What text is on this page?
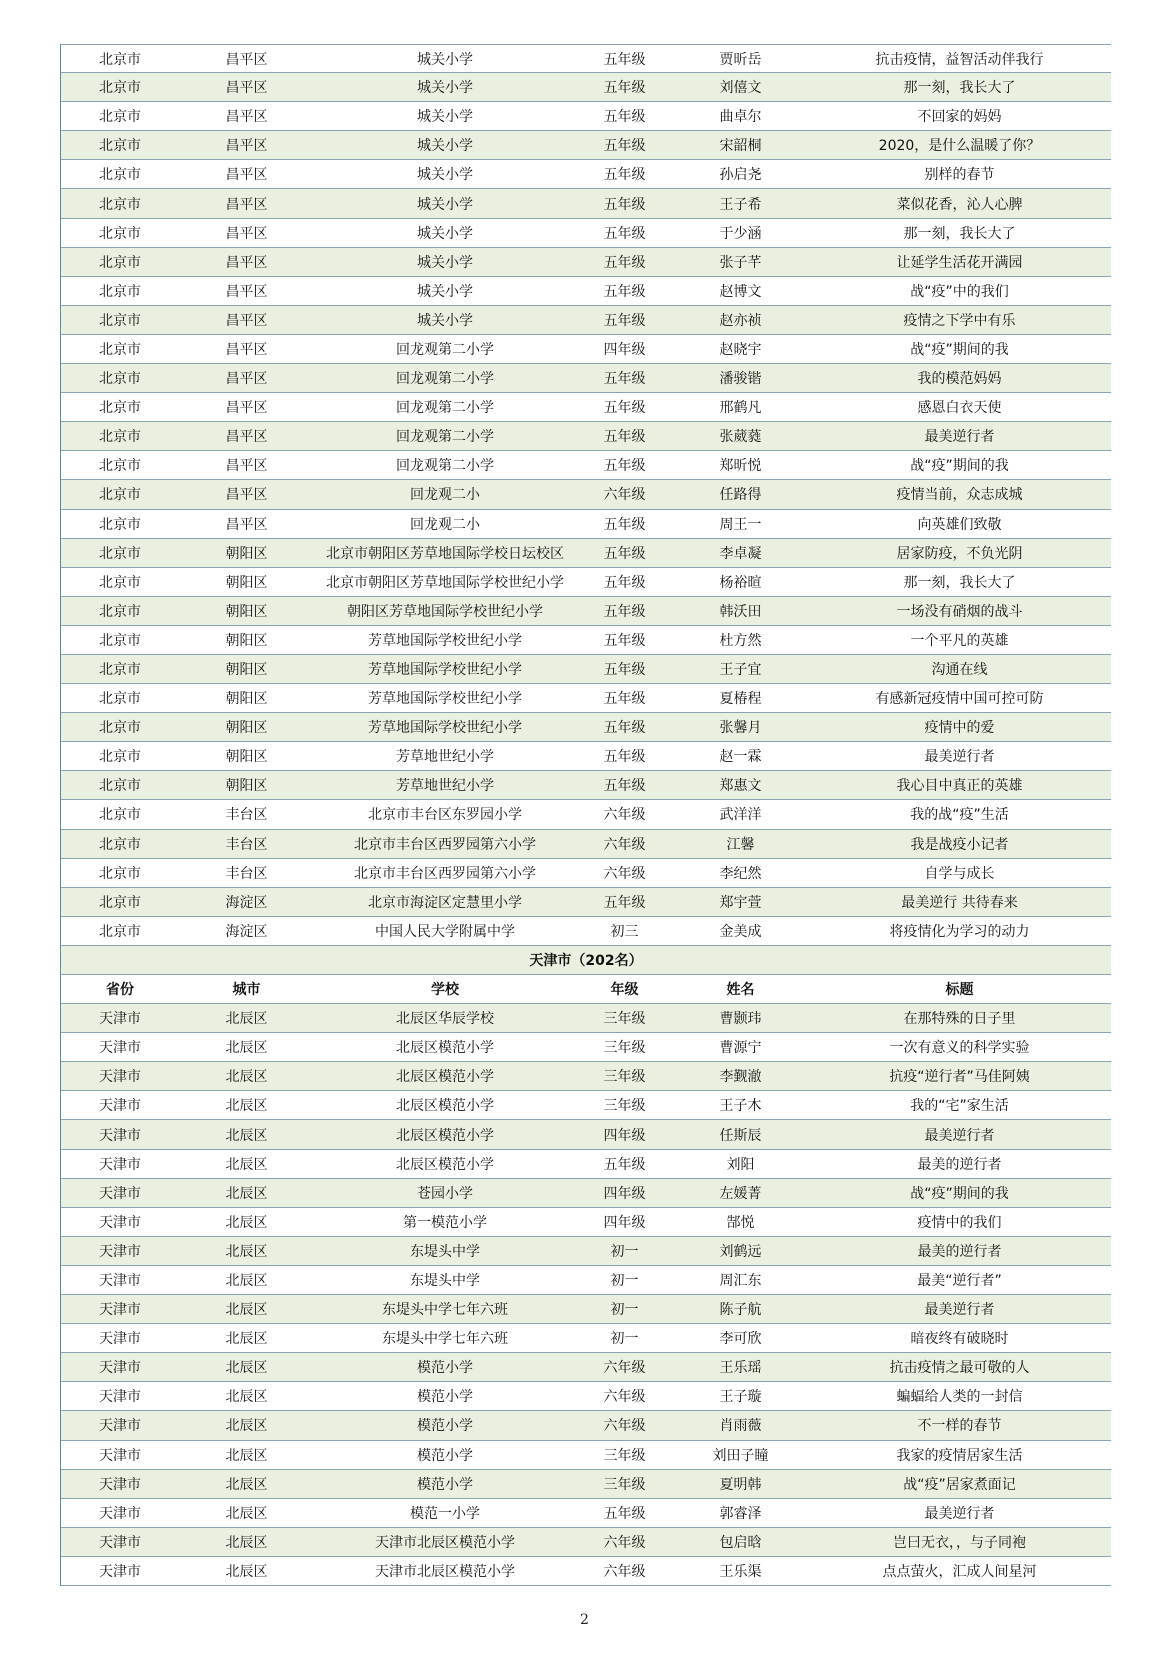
北京市	昌平区	城关小学	五年级	贾昕岳	抗击疫情，益智活动伴我行
北京市	昌平区	城关小学	五年级	刘僖文	那一刻，我长大了
北京市	昌平区	城关小学	五年级	曲卓尔	不回家的妈妈
北京市	昌平区	城关小学	五年级	宋韶桐	2020，是什么温暖了你？
北京市	昌平区	城关小学	五年级	孙启尧	别样的春节
北京市	昌平区	城关小学	五年级	王子希	菜似花香，沁人心脾
北京市	昌平区	城关小学	五年级	于少涵	那一刻，我长大了
北京市	昌平区	城关小学	五年级	张子芊	让延学生活花开满园
北京市	昌平区	城关小学	五年级	赵博文	战“疫”中的我们
北京市	昌平区	城关小学	五年级	赵亦祯	疫情之下学中有乐
北京市	昌平区	回龙观第二小学	四年级	赵晓宇	战“疫”期间的我
北京市	昌平区	回龙观第二小学	五年级	潘骏锴	我的模范妈妈
北京市	昌平区	回龙观第二小学	五年级	邢鹤凡	感恩白衣天使
北京市	昌平区	回龙观第二小学	五年级	张葳蕤	最美逆行者
北京市	昌平区	回龙观第二小学	五年级	郑昕悦	战“疫”期间的我
北京市	昌平区	回龙观二小	六年级	任路得	疫情当前，众志成城
北京市	昌平区	回龙观二小	五年级	周王一	向英雄们致敬
北京市	朝阳区	北京市朝阳区芳草地国际学校日坛校区	五年级	李卓凝	居家防疫，不负光阴
北京市	朝阳区	北京市朝阳区芳草地国际学校世纪小学	五年级	杨裕暄	那一刻，我长大了
北京市	朝阳区	朝阳区芳草地国际学校世纪小学	五年级	韩沃田	一场没有硝烟的战斗
北京市	朝阳区	芳草地国际学校世纪小学	五年级	杜方然	一个平凡的英雄
北京市	朝阳区	芳草地国际学校世纪小学	五年级	王子宜	沟通在线
北京市	朝阳区	芳草地国际学校世纪小学	五年级	夏椿程	有感新冠疫情中国可控可防
北京市	朝阳区	芳草地国际学校世纪小学	五年级	张馨月	疫情中的爱
北京市	朝阳区	芳草地世纪小学	五年级	赵一霖	最美逆行者
北京市	朝阳区	芳草地世纪小学	五年级	郑惠文	我心目中真正的英雄
北京市	丰台区	北京市丰台区东罗园小学	六年级	武洋洋	我的战“疫”生活
北京市	丰台区	北京市丰台区西罗园第六小学	六年级	江馨	我是战疫小记者
北京市	丰台区	北京市丰台区西罗园第六小学	六年级	李纪然	自学与成长
北京市	海淀区	北京市海淀区定慧里小学	五年级	郑宇萱	最美逆行 共待春来
北京市	海淀区	中国人民大学附属中学	初三	金美成	将疫情化为学习的动力
天津市（202名）
省份	城市	学校	年级	姓名	标题
天津市	北辰区	北辰区华辰学校	三年级	曹颢玮	在那特殊的日子里
天津市	北辰区	北辰区模范小学	三年级	曹源宁	一次有意义的科学实验
天津市	北辰区	北辰区模范小学	三年级	李觐澈	抗疫“逆行者”马佳阿姨
天津市	北辰区	北辰区模范小学	三年级	王子木	我的“宅”家生活
天津市	北辰区	北辰区模范小学	四年级	任斯辰	最美逆行者
天津市	北辰区	北辰区模范小学	五年级	刘阳	最美的逆行者
天津市	北辰区	苍园小学	四年级	左媛菁	战“疫”期间的我
天津市	北辰区	第一模范小学	四年级	郜悦	疫情中的我们
天津市	北辰区	东堤头中学	初一	刘鹤远	最美的逆行者
天津市	北辰区	东堤头中学	初一	周汇东	最美“逆行者”
天津市	北辰区	东堤头中学七年六班	初一	陈子航	最美逆行者
天津市	北辰区	东堤头中学七年六班	初一	李可欣	暗夜终有破晓时
天津市	北辰区	模范小学	六年级	王乐瑶	抗击疫情之最可敬的人
天津市	北辰区	模范小学	六年级	王子璇	蝙蝠给人类的一封信
天津市	北辰区	模范小学	六年级	肖雨薇	不一样的春节
天津市	北辰区	模范小学	三年级	刘田子瞳	我家的疫情居家生活
天津市	北辰区	模范小学	三年级	夏明韩	战“疫”居家煮面记
天津市	北辰区	模范一小学	五年级	郭睿泽	最美逆行者
天津市	北辰区	天津市北辰区模范小学	六年级	包启晗	岂曰无衣，，与子同袍
天津市	北辰区	天津市北辰区模范小学	六年级	王乐渠	点点萤火，汇成人间星河
2
